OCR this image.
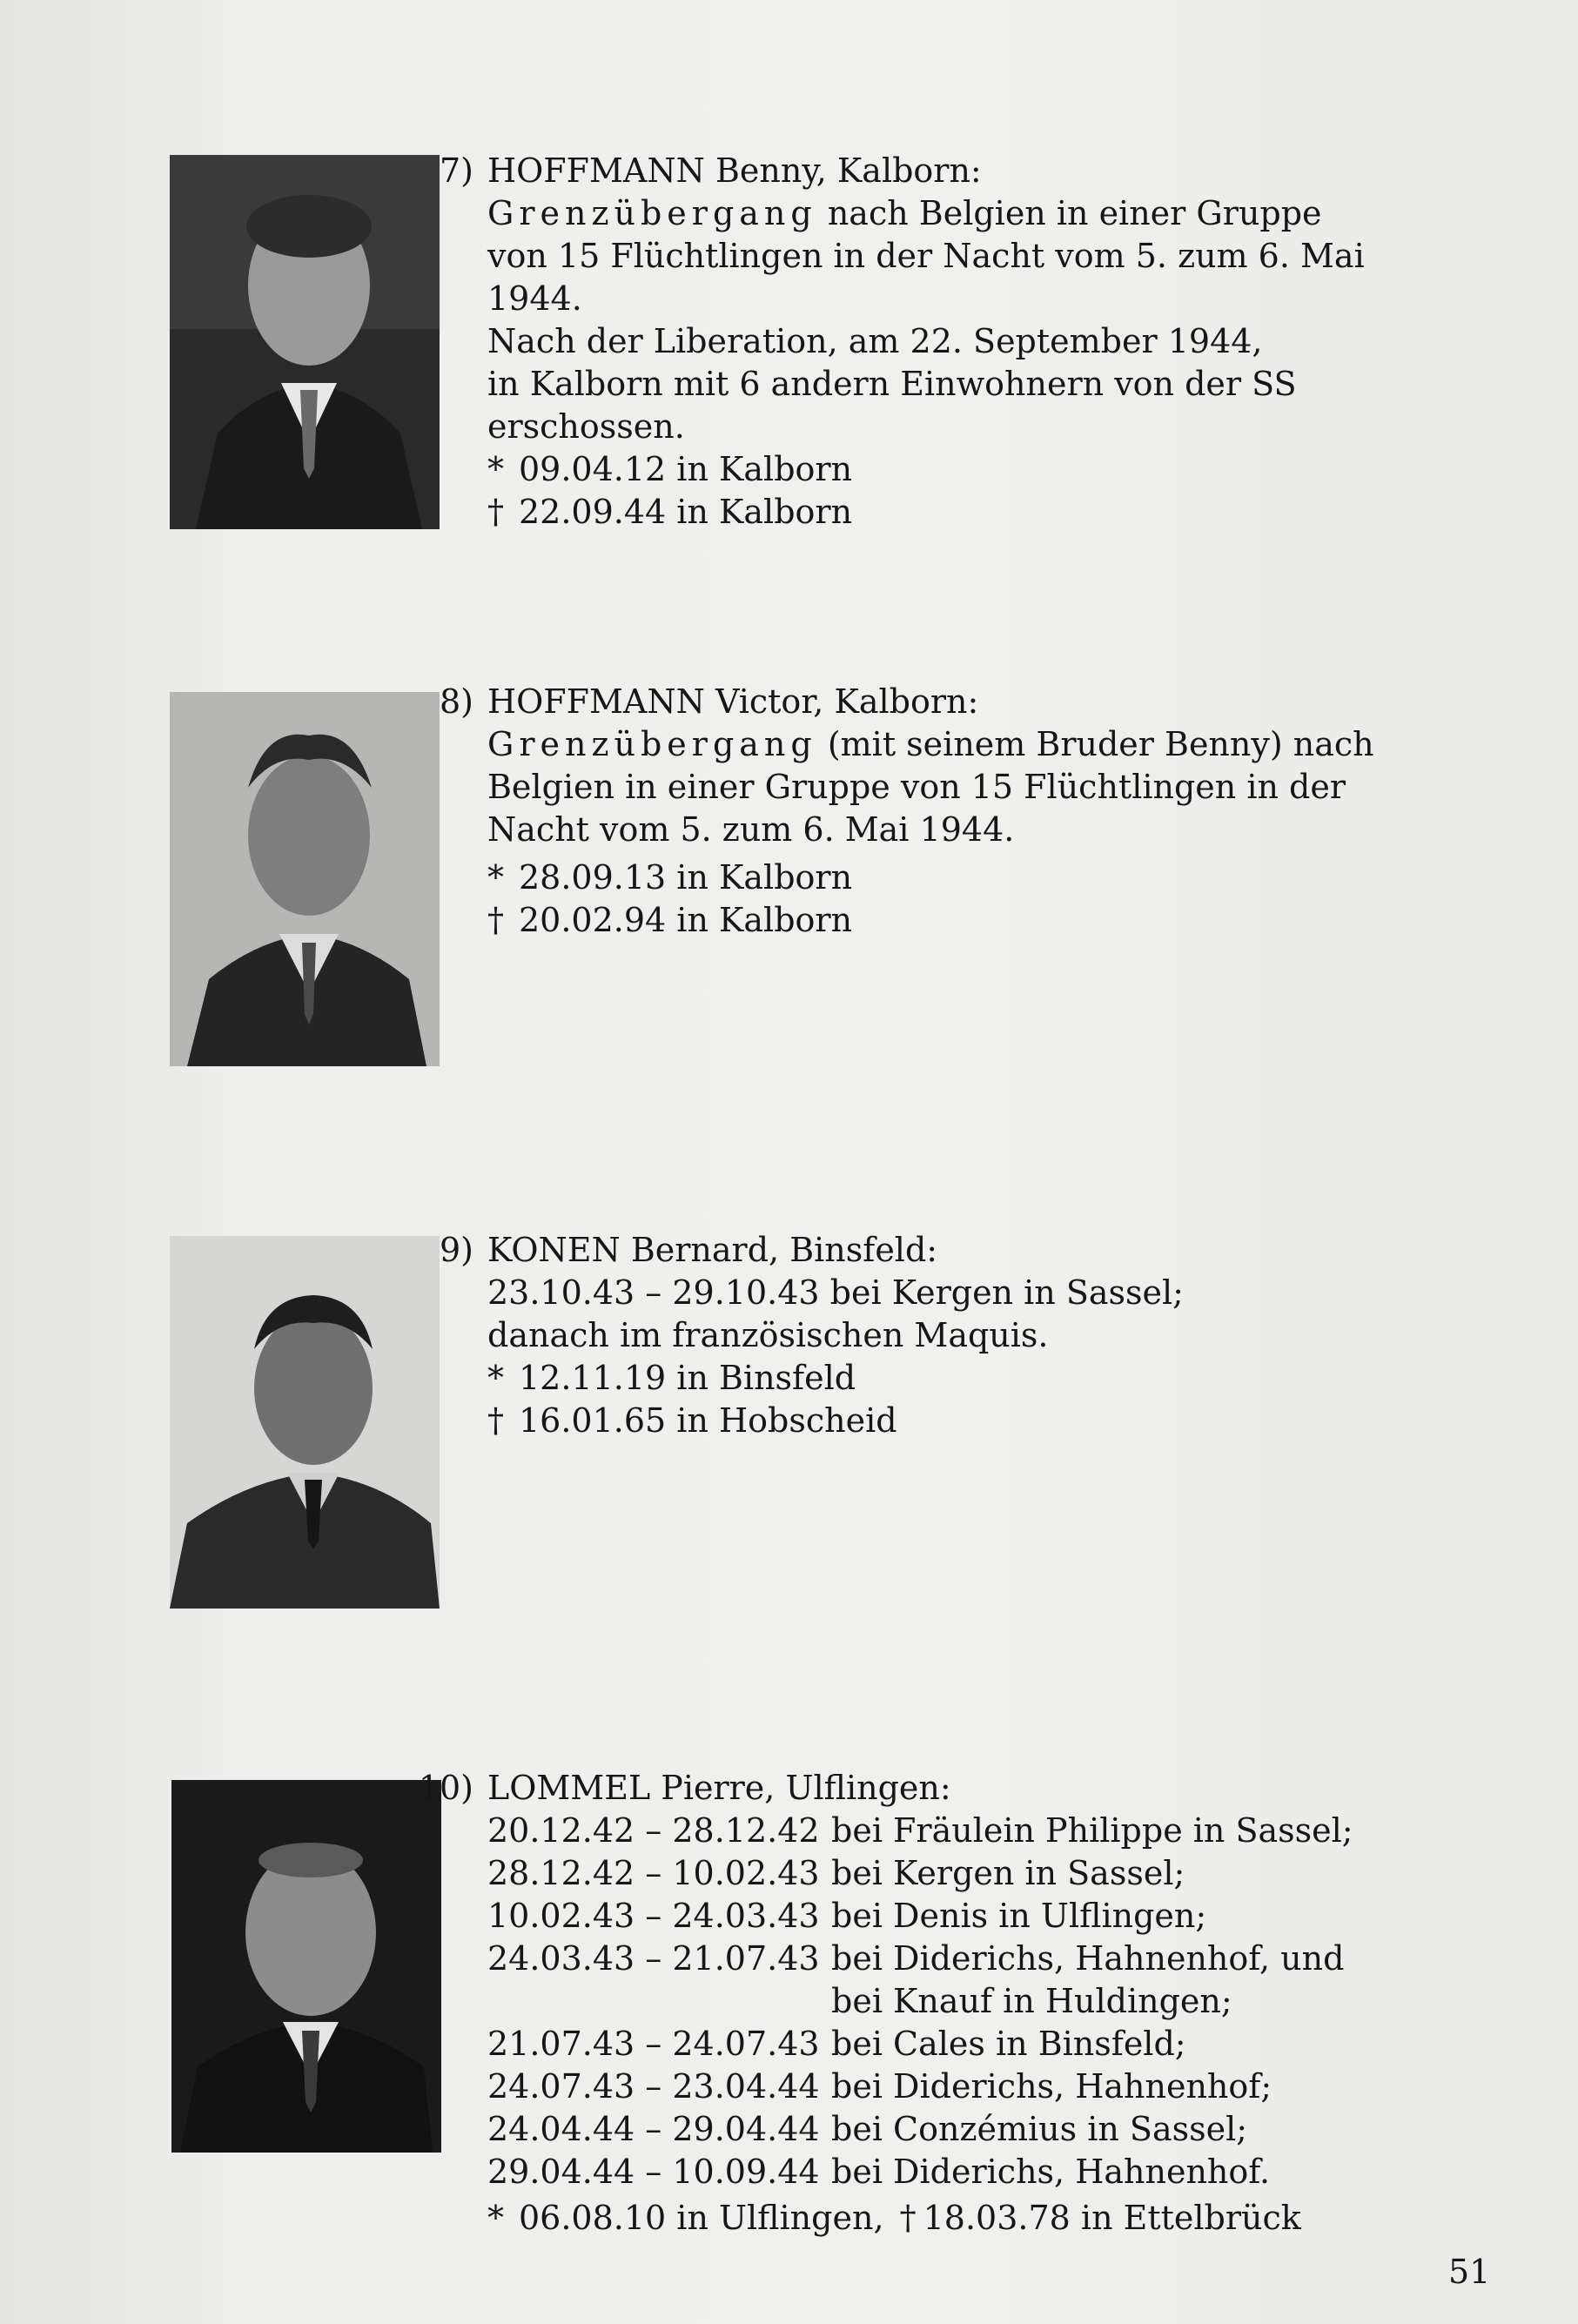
7) HOFFMANN Benny, Kalborn:
Grenzübergang nach Belgien in einer Gruppe
von 15 Flüchtlingen in der Nacht vom 5. zum 6. Mai
1944.
Nach der Liberation, am 22. September 1944,
in Kalborn mit 6 andern Einwohnern von der SS
erschossen.
* 09.04.12 in Kalborn
† 22.09.44 in Kalborn
8) HOFFMANN Victor, Kalborn:
Grenzübergang (mit seinem Bruder Benny) nach
Belgien in einer Gruppe von 15 Flüchtlingen in der
Nacht vom 5. zum 6. Mai 1944.
* 28.09.13 in Kalborn
† 20.02.94 in Kalborn
9) KONEN Bernard, Binsfeld:
23.10.43 – 29.10.43 bei Kergen in Sassel;
danach im französischen Maquis.
* 12.11.19 in Binsfeld
† 16.01.65 in Hobscheid
10) LOMMEL Pierre, Ulflingen:
20.12.42 – 28.12.42 bei Fräulein Philippe in Sassel;
28.12.42 – 10.02.43 bei Kergen in Sassel;
10.02.43 – 24.03.43 bei Denis in Ulflingen;
24.03.43 – 21.07.43 bei Diderichs, Hahnenhof, und
bei Knauf in Huldingen;
21.07.43 – 24.07.43 bei Cales in Binsfeld;
24.07.43 – 23.04.44 bei Diderichs, Hahnenhof;
24.04.44 – 29.04.44 bei Conzémius in Sassel;
29.04.44 – 10.09.44 bei Diderichs, Hahnenhof.
* 06.08.10 in Ulflingen, † 18.03.78 in Ettelbrück
51
